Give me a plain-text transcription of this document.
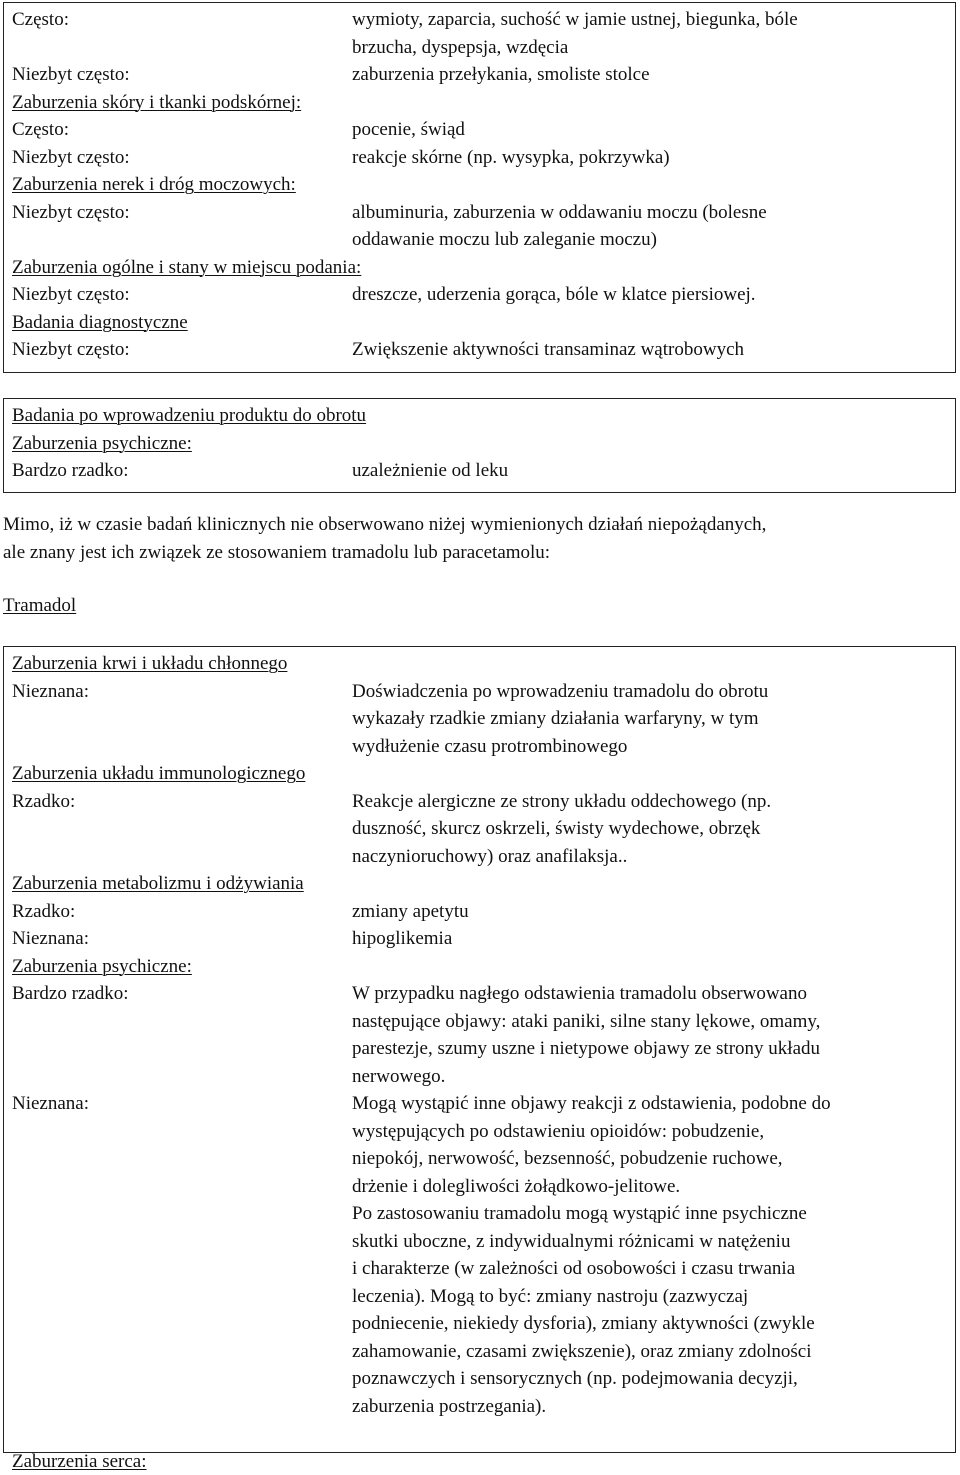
Często:	wymioty, zaparcia, suchość w jamie ustnej, biegunka, bóle

brzucha, dyspepsja, wzdęcia
Niezbyt często:	zaburzenia przełykania, smoliste stolce
Zaburzenia skóry i tkanki podskórnej:
Często:	pocenie, świąd
Niezbyt często:	reakcje skórne (np. wysypka, pokrzywka)
Zaburzenia nerek i dróg moczowych:
Niezbyt często:	albuminuria, zaburzenia w oddawaniu moczu (bolesne

oddawanie moczu lub zaleganie moczu)
Zaburzenia ogólne i stany w miejscu podania:
Niezbyt często:	dreszcze, uderzenia gorąca, bóle w klatce piersiowej.
Badania diagnostyczne
Niezbyt często:	Zwiększenie aktywności transaminaz wątrobowych
Badania po wprowadzeniu produktu do obrotu
Zaburzenia psychiczne:
Bardzo rzadko:	uzależnienie od leku
Mimo, iż w czasie badań klinicznych nie obserwowano niżej wymienionych działań niepożądanych,
ale znany jest ich związek ze stosowaniem tramadolu lub paracetamolu:
Tramadol
Zaburzenia krwi i układu chłonnego
Nieznana:	Doświadczenia po wprowadzeniu tramadolu do obrotu

wykazały rzadkie zmiany działania warfaryny, w tym

wydłużenie czasu protrombinowego
Zaburzenia układu immunologicznego
Rzadko:	Reakcje alergiczne ze strony układu oddechowego (np.

duszność, skurcz oskrzeli, świsty wydechowe, obrzęk

naczynioruchowy) oraz anafilaksja..
Zaburzenia metabolizmu i odżywiania
Rzadko:	zmiany apetytu
Nieznana:	hipoglikemia
Zaburzenia psychiczne:
Bardzo rzadko:	W przypadku nagłego odstawienia tramadolu obserwowano

następujące objawy: ataki paniki, silne stany lękowe, omamy,

parestezje, szumy uszne i nietypowe objawy ze strony układu

nerwowego.
Nieznana:	Mogą wystąpić inne objawy reakcji z odstawienia, podobne do

występujących po odstawieniu opioidów: pobudzenie,

niepokój, nerwowość, bezsenność, pobudzenie ruchowe,

drżenie i dolegliwości żołądkowo-jelitowe.

Po zastosowaniu tramadolu mogą wystąpić inne psychiczne

skutki uboczne, z indywidualnymi różnicami w natężeniu

i charakterze (w zależności od osobowości i czasu trwania

leczenia). Mogą to być: zmiany nastroju (zazwyczaj

podniecenie, niekiedy dysforia), zmiany aktywności (zwykle

zahamowanie, czasami zwiększenie), oraz zmiany zdolności

poznawczych i sensorycznych (np. podejmowania decyzji,

zaburzenia postrzegania).

Zaburzenia serca:
